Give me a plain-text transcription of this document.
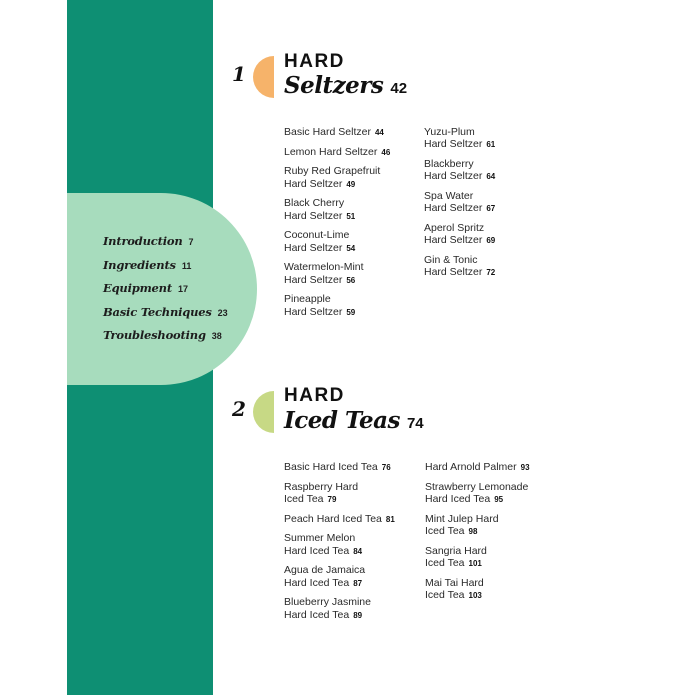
Introduction 7
Ingredients 11
Equipment 17
Basic Techniques 23
Troubleshooting 38
1
HARD
Seltzers 42
Basic Hard Seltzer 44
Lemon Hard Seltzer 46
Ruby Red Grapefruit
Hard Seltzer 49
Black Cherry
Hard Seltzer 51
Coconut-Lime
Hard Seltzer 54
Watermelon-Mint
Hard Seltzer 56
Pineapple
Hard Seltzer 59
Yuzu-Plum
Hard Seltzer 61
Blackberry
Hard Seltzer 64
Spa Water
Hard Seltzer 67
Aperol Spritz
Hard Seltzer 69
Gin & Tonic
Hard Seltzer 72
2
HARD
Iced Teas 74
Basic Hard Iced Tea 76
Raspberry Hard
Iced Tea 79
Peach Hard Iced Tea 81
Summer Melon
Hard Iced Tea 84
Agua de Jamaica
Hard Iced Tea 87
Blueberry Jasmine
Hard Iced Tea 89
Hard Arnold Palmer 93
Strawberry Lemonade
Hard Iced Tea 95
Mint Julep Hard
Iced Tea 98
Sangria Hard
Iced Tea 101
Mai Tai Hard
Iced Tea 103
